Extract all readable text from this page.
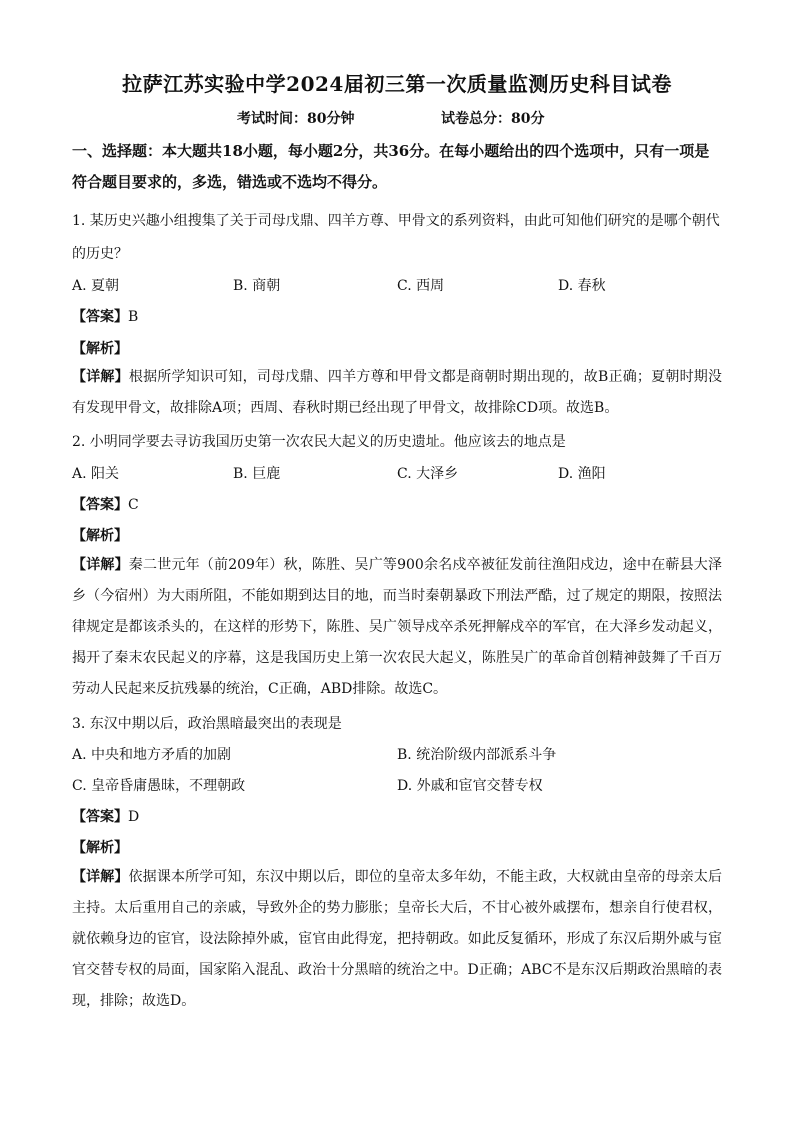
拉萨江苏实验中学2024届初三第一次质量监测历史科目试卷
考试时间：80分钟	试卷总分：80分
一、选择题：本大题共18小题，每小题2分，共36分。在每小题给出的四个选项中，只有一项是符合题目要求的，多选，错选或不选均不得分。
1. 某历史兴趣小组搜集了关于司母戊鼎、四羊方尊、甲骨文的系列资料，由此可知他们研究的是哪个朝代
的历史？
A. 夏朝	B. 商朝	C. 西周	D. 春秋
【答案】B
【解析】
【详解】根据所学知识可知，司母戊鼎、四羊方尊和甲骨文都是商朝时期出现的，故B正确；夏朝时期没有发现甲骨文，故排除A项；西周、春秋时期已经出现了甲骨文，故排除CD项。故选B。
2. 小明同学要去寻访我国历史第一次农民大起义的历史遗址。他应该去的地点是
A. 阳关	B. 巨鹿	C. 大泽乡	D. 渔阳
【答案】C
【解析】
【详解】秦二世元年（前209年）秋，陈胜、吴广等900余名戍卒被征发前往渔阳戍边，途中在蕲县大泽乡（今宿州）为大雨所阻，不能如期到达目的地，而当时秦朝暴政下刑法严酷，过了规定的期限，按照法律规定是都该杀头的，在这样的形势下，陈胜、吴广领导戍卒杀死押解戍卒的军官，在大泽乡发动起义，揭开了秦末农民起义的序幕，这是我国历史上第一次农民大起义，陈胜吴广的革命首创精神鼓舞了千百万劳动人民起来反抗残暴的统治，C正确，ABD排除。故选C。
3. 东汉中期以后，政治黑暗最突出的表现是
A. 中央和地方矛盾的加剧	B. 统治阶级内部派系斗争
C. 皇帝昏庸愚昧，不理朝政	D. 外戚和宦官交替专权
【答案】D
【解析】
【详解】依据课本所学可知，东汉中期以后，即位的皇帝太多年幼，不能主政，大权就由皇帝的母亲太后主持。太后重用自己的亲戚，导致外企的势力膨胀；皇帝长大后，不甘心被外戚摆布，想亲自行使君权，就依赖身边的宦官，设法除掉外戚，宦官由此得宠，把持朝政。如此反复循环，形成了东汉后期外戚与宦官交替专权的局面，国家陷入混乱、政治十分黑暗的统治之中。D正确；ABC不是东汉后期政治黑暗的表现，排除；故选D。
